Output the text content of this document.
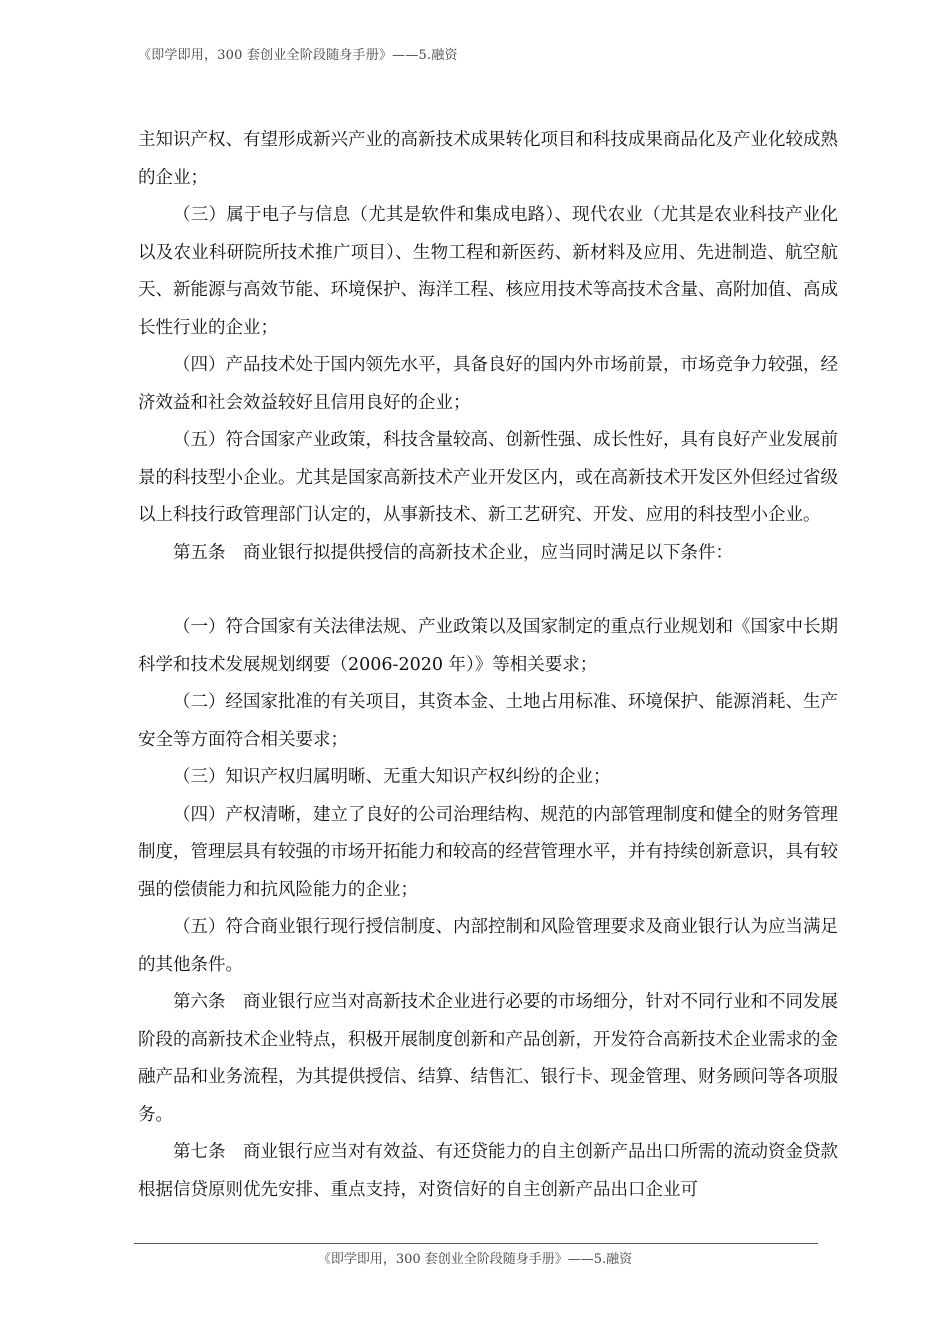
《即学即用，300 套创业全阶段随身手册》——5.融资

主知识产权、有望形成新兴产业的高新技术成果转化项目和科技成果商品化及产业化较成熟的企业；

（三）属于电子与信息（尤其是软件和集成电路）、现代农业（尤其是农业科技产业化以及农业科研院所技术推广项目）、生物工程和新医药、新材料及应用、先进制造、航空航天、新能源与高效节能、环境保护、海洋工程、核应用技术等高技术含量、高附加值、高成长性行业的企业；

（四）产品技术处于国内领先水平，具备良好的国内外市场前景，市场竞争力较强，经济效益和社会效益较好且信用良好的企业；

（五）符合国家产业政策，科技含量较高、创新性强、成长性好，具有良好产业发展前景的科技型小企业。尤其是国家高新技术产业开发区内，或在高新技术开发区外但经过省级以上科技行政管理部门认定的，从事新技术、新工艺研究、开发、应用的科技型小企业。

第五条　商业银行拟提供授信的高新技术企业，应当同时满足以下条件：

（一）符合国家有关法律法规、产业政策以及国家制定的重点行业规划和《国家中长期科学和技术发展规划纲要（2006-2020 年）》等相关要求；

（二）经国家批准的有关项目，其资本金、土地占用标准、环境保护、能源消耗、生产安全等方面符合相关要求；

（三）知识产权归属明晰、无重大知识产权纠纷的企业；

（四）产权清晰，建立了良好的公司治理结构、规范的内部管理制度和健全的财务管理制度，管理层具有较强的市场开拓能力和较高的经营管理水平，并有持续创新意识，具有较强的偿债能力和抗风险能力的企业；

（五）符合商业银行现行授信制度、内部控制和风险管理要求及商业银行认为应当满足的其他条件。

第六条　商业银行应当对高新技术企业进行必要的市场细分，针对不同行业和不同发展阶段的高新技术企业特点，积极开展制度创新和产品创新，开发符合高新技术企业需求的金融产品和业务流程，为其提供授信、结算、结售汇、银行卡、现金管理、财务顾问等各项服务。

第七条　商业银行应当对有效益、有还贷能力的自主创新产品出口所需的流动资金贷款根据信贷原则优先安排、重点支持，对资信好的自主创新产品出口企业可

《即学即用，300 套创业全阶段随身手册》——5.融资
